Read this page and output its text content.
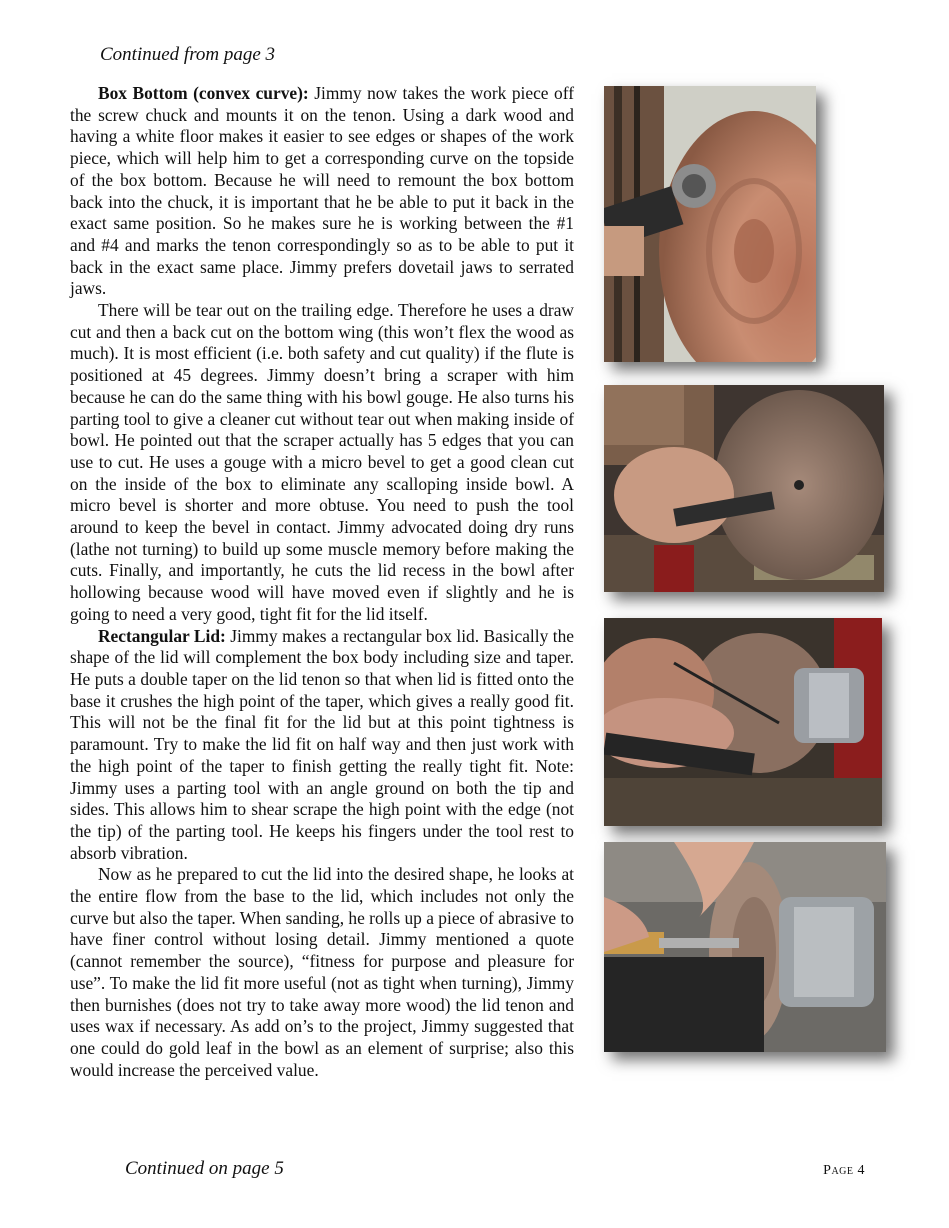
Continued from page 3

Box Bottom (convex curve): Jimmy now takes the work piece off the screw chuck and mounts it on the tenon. Using a dark wood and having a white floor makes it easier to see edges or shapes of the work piece, which will help him to get a corresponding curve on the topside of the box bottom. Because he will need to remount the box bottom back into the chuck, it is important that he be able to put it back in the exact same position. So he makes sure he is working between the #1 and #4 and marks the tenon correspondingly so as to be able to put it back in the exact same place. Jimmy prefers dovetail jaws to serrated jaws.

There will be tear out on the trailing edge. Therefore he uses a draw cut and then a back cut on the bottom wing (this won’t flex the wood as much). It is most efficient (i.e. both safety and cut quality) if the flute is positioned at 45 degrees. Jimmy doesn’t bring a scraper with him because he can do the same thing with his bowl gouge. He also turns his parting tool to give a cleaner cut without tear out when making inside of bowl. He pointed out that the scraper actually has 5 edges that you can use to cut. He uses a gouge with a micro bevel to get a good clean cut on the inside of the box to eliminate any scalloping inside bowl. A micro bevel is shorter and more obtuse. You need to push the tool around to keep the bevel in contact. Jimmy advocated doing dry runs (lathe not turning) to build up some muscle memory before making the cuts. Finally, and importantly, he cuts the lid recess in the bowl after hollowing because wood will have moved even if slightly and he is going to need a very good, tight fit for the lid itself.

Rectangular Lid: Jimmy makes a rectangular box lid. Basically the shape of the lid will complement the box body including size and taper. He puts a double taper on the lid tenon so that when lid is fitted onto the base it crushes the high point of the taper, which gives a really good fit. This will not be the final fit for the lid but at this point tightness is paramount. Try to make the lid fit on half way and then just work with the high point of the taper to finish getting the really tight fit. Note: Jimmy uses a parting tool with an angle ground on both the tip and sides. This allows him to shear scrape the high point with the edge (not the tip) of the parting tool. He keeps his fingers under the tool rest to absorb vibration.

Now as he prepared to cut the lid into the desired shape, he looks at the entire flow from the base to the lid, which includes not only the curve but also the taper. When sanding, he rolls up a piece of abrasive to have finer control without losing detail. Jimmy mentioned a quote (cannot remember the source), “fitness for purpose and pleasure for use”. To make the lid fit more useful (not as tight when turning), Jimmy then burnishes (does not try to take away more wood) the lid tenon and uses wax if necessary. As add on’s to the project, Jimmy suggested that one could do gold leaf in the bowl as an element of surprise; also this would increase the perceived value.

Continued on page 5	Page 4
